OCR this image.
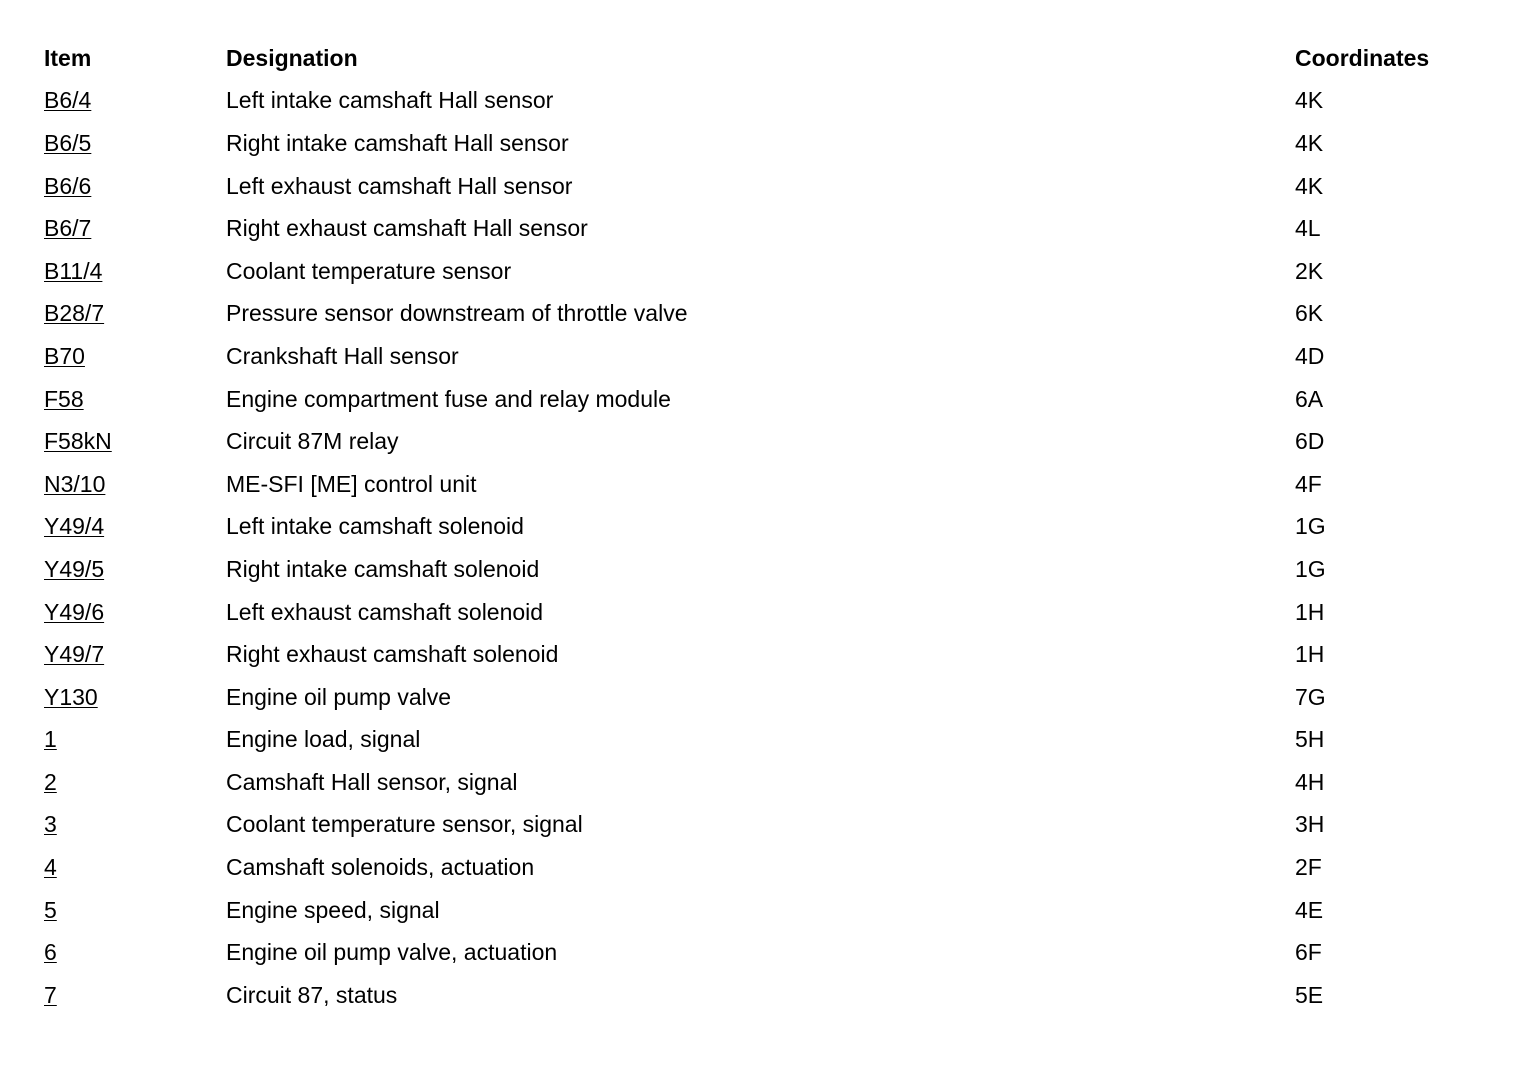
Item	Designation	Coordinates
B6/4	Left intake camshaft Hall sensor	4K
B6/5	Right intake camshaft Hall sensor	4K
B6/6	Left exhaust camshaft Hall sensor	4K
B6/7	Right exhaust camshaft Hall sensor	4L
B11/4	Coolant temperature sensor	2K
B28/7	Pressure sensor downstream of throttle valve	6K
B70	Crankshaft Hall sensor	4D
F58	Engine compartment fuse and relay module	6A
F58kN	Circuit 87M relay	6D
N3/10	ME-SFI [ME] control unit	4F
Y49/4	Left intake camshaft solenoid	1G
Y49/5	Right intake camshaft solenoid	1G
Y49/6	Left exhaust camshaft solenoid	1H
Y49/7	Right exhaust camshaft solenoid	1H
Y130	Engine oil pump valve	7G
1	Engine load, signal	5H
2	Camshaft Hall sensor, signal	4H
3	Coolant temperature sensor, signal	3H
4	Camshaft solenoids, actuation	2F
5	Engine speed, signal	4E
6	Engine oil pump valve, actuation	6F
7	Circuit 87, status	5E
